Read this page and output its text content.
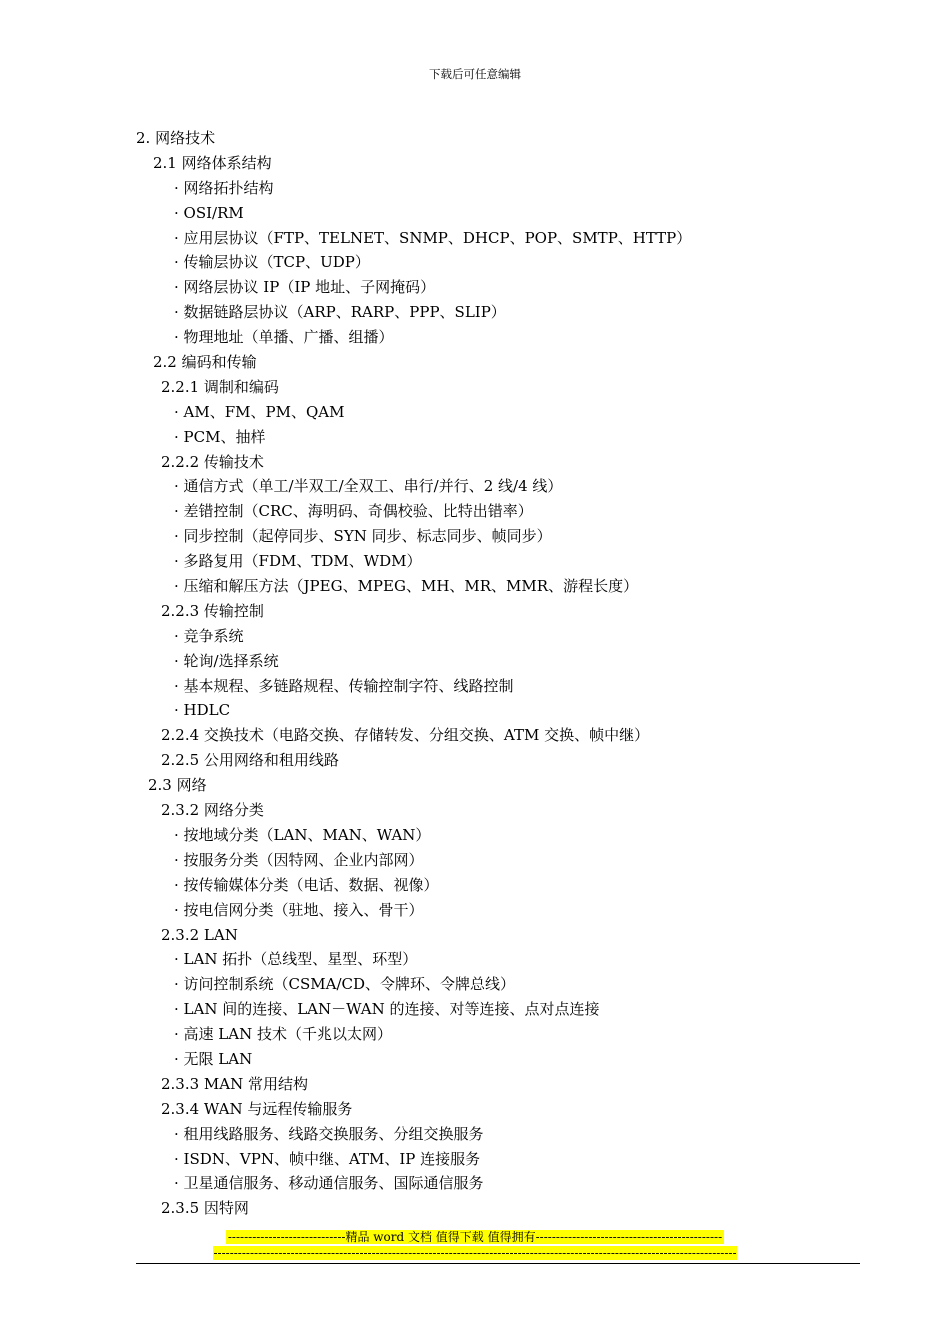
下载后可任意编辑
2. 网络技术
2.1 网络体系结构
· 网络拓扑结构
· OSI/RM
· 应用层协议（FTP、TELNET、SNMP、DHCP、POP、SMTP、HTTP）
· 传输层协议（TCP、UDP）
· 网络层协议 IP（IP 地址、子网掩码）
· 数据链路层协议（ARP、RARP、PPP、SLIP）
· 物理地址（单播、广播、组播）
2.2 编码和传输
2.2.1 调制和编码
· AM、FM、PM、QAM
· PCM、抽样
2.2.2 传输技术
· 通信方式（单工/半双工/全双工、串行/并行、2 线/4 线）
· 差错控制（CRC、海明码、奇偶校验、比特出错率）
· 同步控制（起停同步、SYN 同步、标志同步、帧同步）
· 多路复用（FDM、TDM、WDM）
· 压缩和解压方法（JPEG、MPEG、MH、MR、MMR、游程长度）
2.2.3 传输控制
· 竞争系统
· 轮询/选择系统
· 基本规程、多链路规程、传输控制字符、线路控制
· HDLC
2.2.4 交换技术（电路交换、存储转发、分组交换、ATM 交换、帧中继）
2.2.5 公用网络和租用线路
2.3 网络
2.3.2 网络分类
· 按地域分类（LAN、MAN、WAN）
· 按服务分类（因特网、企业内部网）
· 按传输媒体分类（电话、数据、视像）
· 按电信网分类（驻地、接入、骨干）
2.3.2 LAN
· LAN 拓扑（总线型、星型、环型）
· 访问控制系统（CSMA/CD、令牌环、令牌总线）
· LAN 间的连接、LAN－WAN 的连接、对等连接、点对点连接
· 高速 LAN 技术（千兆以太网）
· 无限 LAN
2.3.3 MAN 常用结构
2.3.4 WAN 与远程传输服务
· 租用线路服务、线路交换服务、分组交换服务
· ISDN、VPN、帧中继、ATM、IP 连接服务
· 卫星通信服务、移动通信服务、国际通信服务
2.3.5 因特网
-----------------------------精品 word 文档 值得下载 值得拥有----------------------------------------------
---------------------------------------------------------------------------------------------------------------------------------
